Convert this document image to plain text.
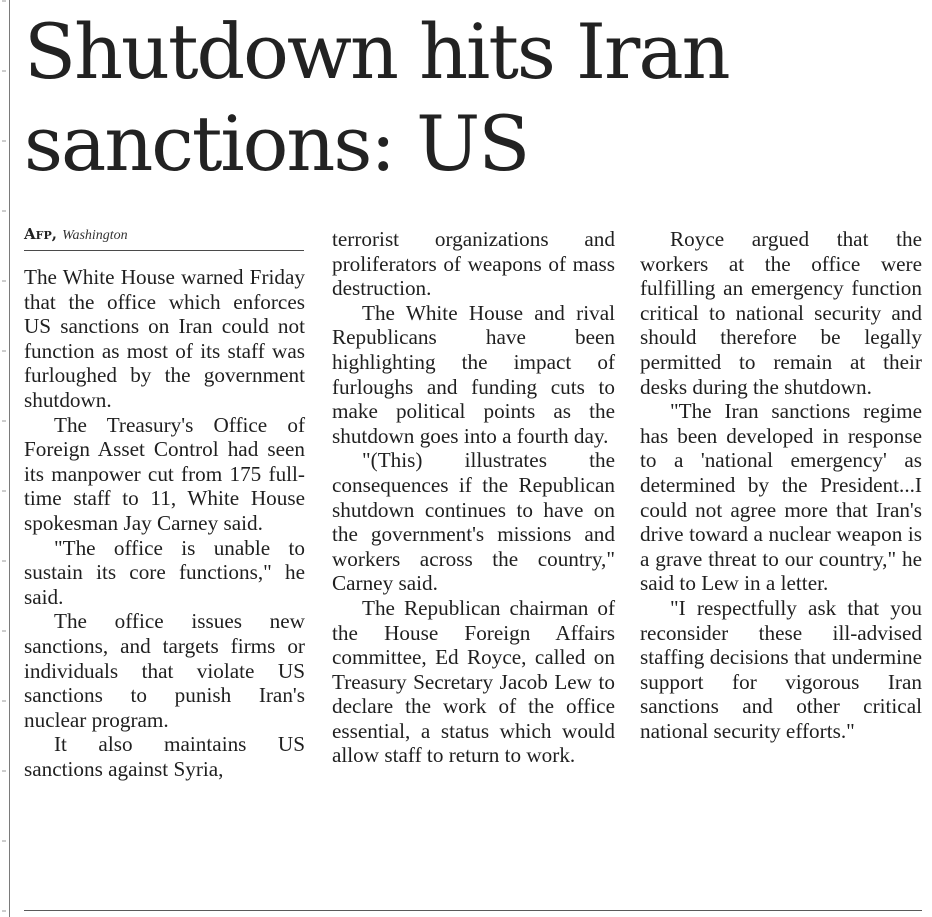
Shutdown hits Iran sanctions: US
Afp, Washington

The White House warned Friday that the office which enforces US sanctions on Iran could not function as most of its staff was furloughed by the government shutdown.

The Treasury's Office of Foreign Asset Control had seen its manpower cut from 175 full-time staff to 11, White House spokesman Jay Carney said.

"The office is unable to sustain its core functions," he said.

The office issues new sanctions, and targets firms or individuals that violate US sanctions to punish Iran's nuclear program.

It also maintains US sanctions against Syria,

terrorist organizations and proliferators of weapons of mass destruction.

The White House and rival Republicans have been highlighting the impact of furloughs and funding cuts to make political points as the shutdown goes into a fourth day.

"(This) illustrates the consequences if the Republican shutdown continues to have on the government's missions and workers across the country," Carney said.

The Republican chairman of the House Foreign Affairs committee, Ed Royce, called on Treasury Secretary Jacob Lew to declare the work of the office essential, a status which would allow staff to return to work.

Royce argued that the workers at the office were fulfilling an emergency function critical to national security and should therefore be legally permitted to remain at their desks during the shutdown.

"The Iran sanctions regime has been developed in response to a 'national emergency' as determined by the President...I could not agree more that Iran's drive toward a nuclear weapon is a grave threat to our country," he said to Lew in a letter.

"I respectfully ask that you reconsider these ill-advised staffing decisions that undermine support for vigorous Iran sanctions and other critical national security efforts."
